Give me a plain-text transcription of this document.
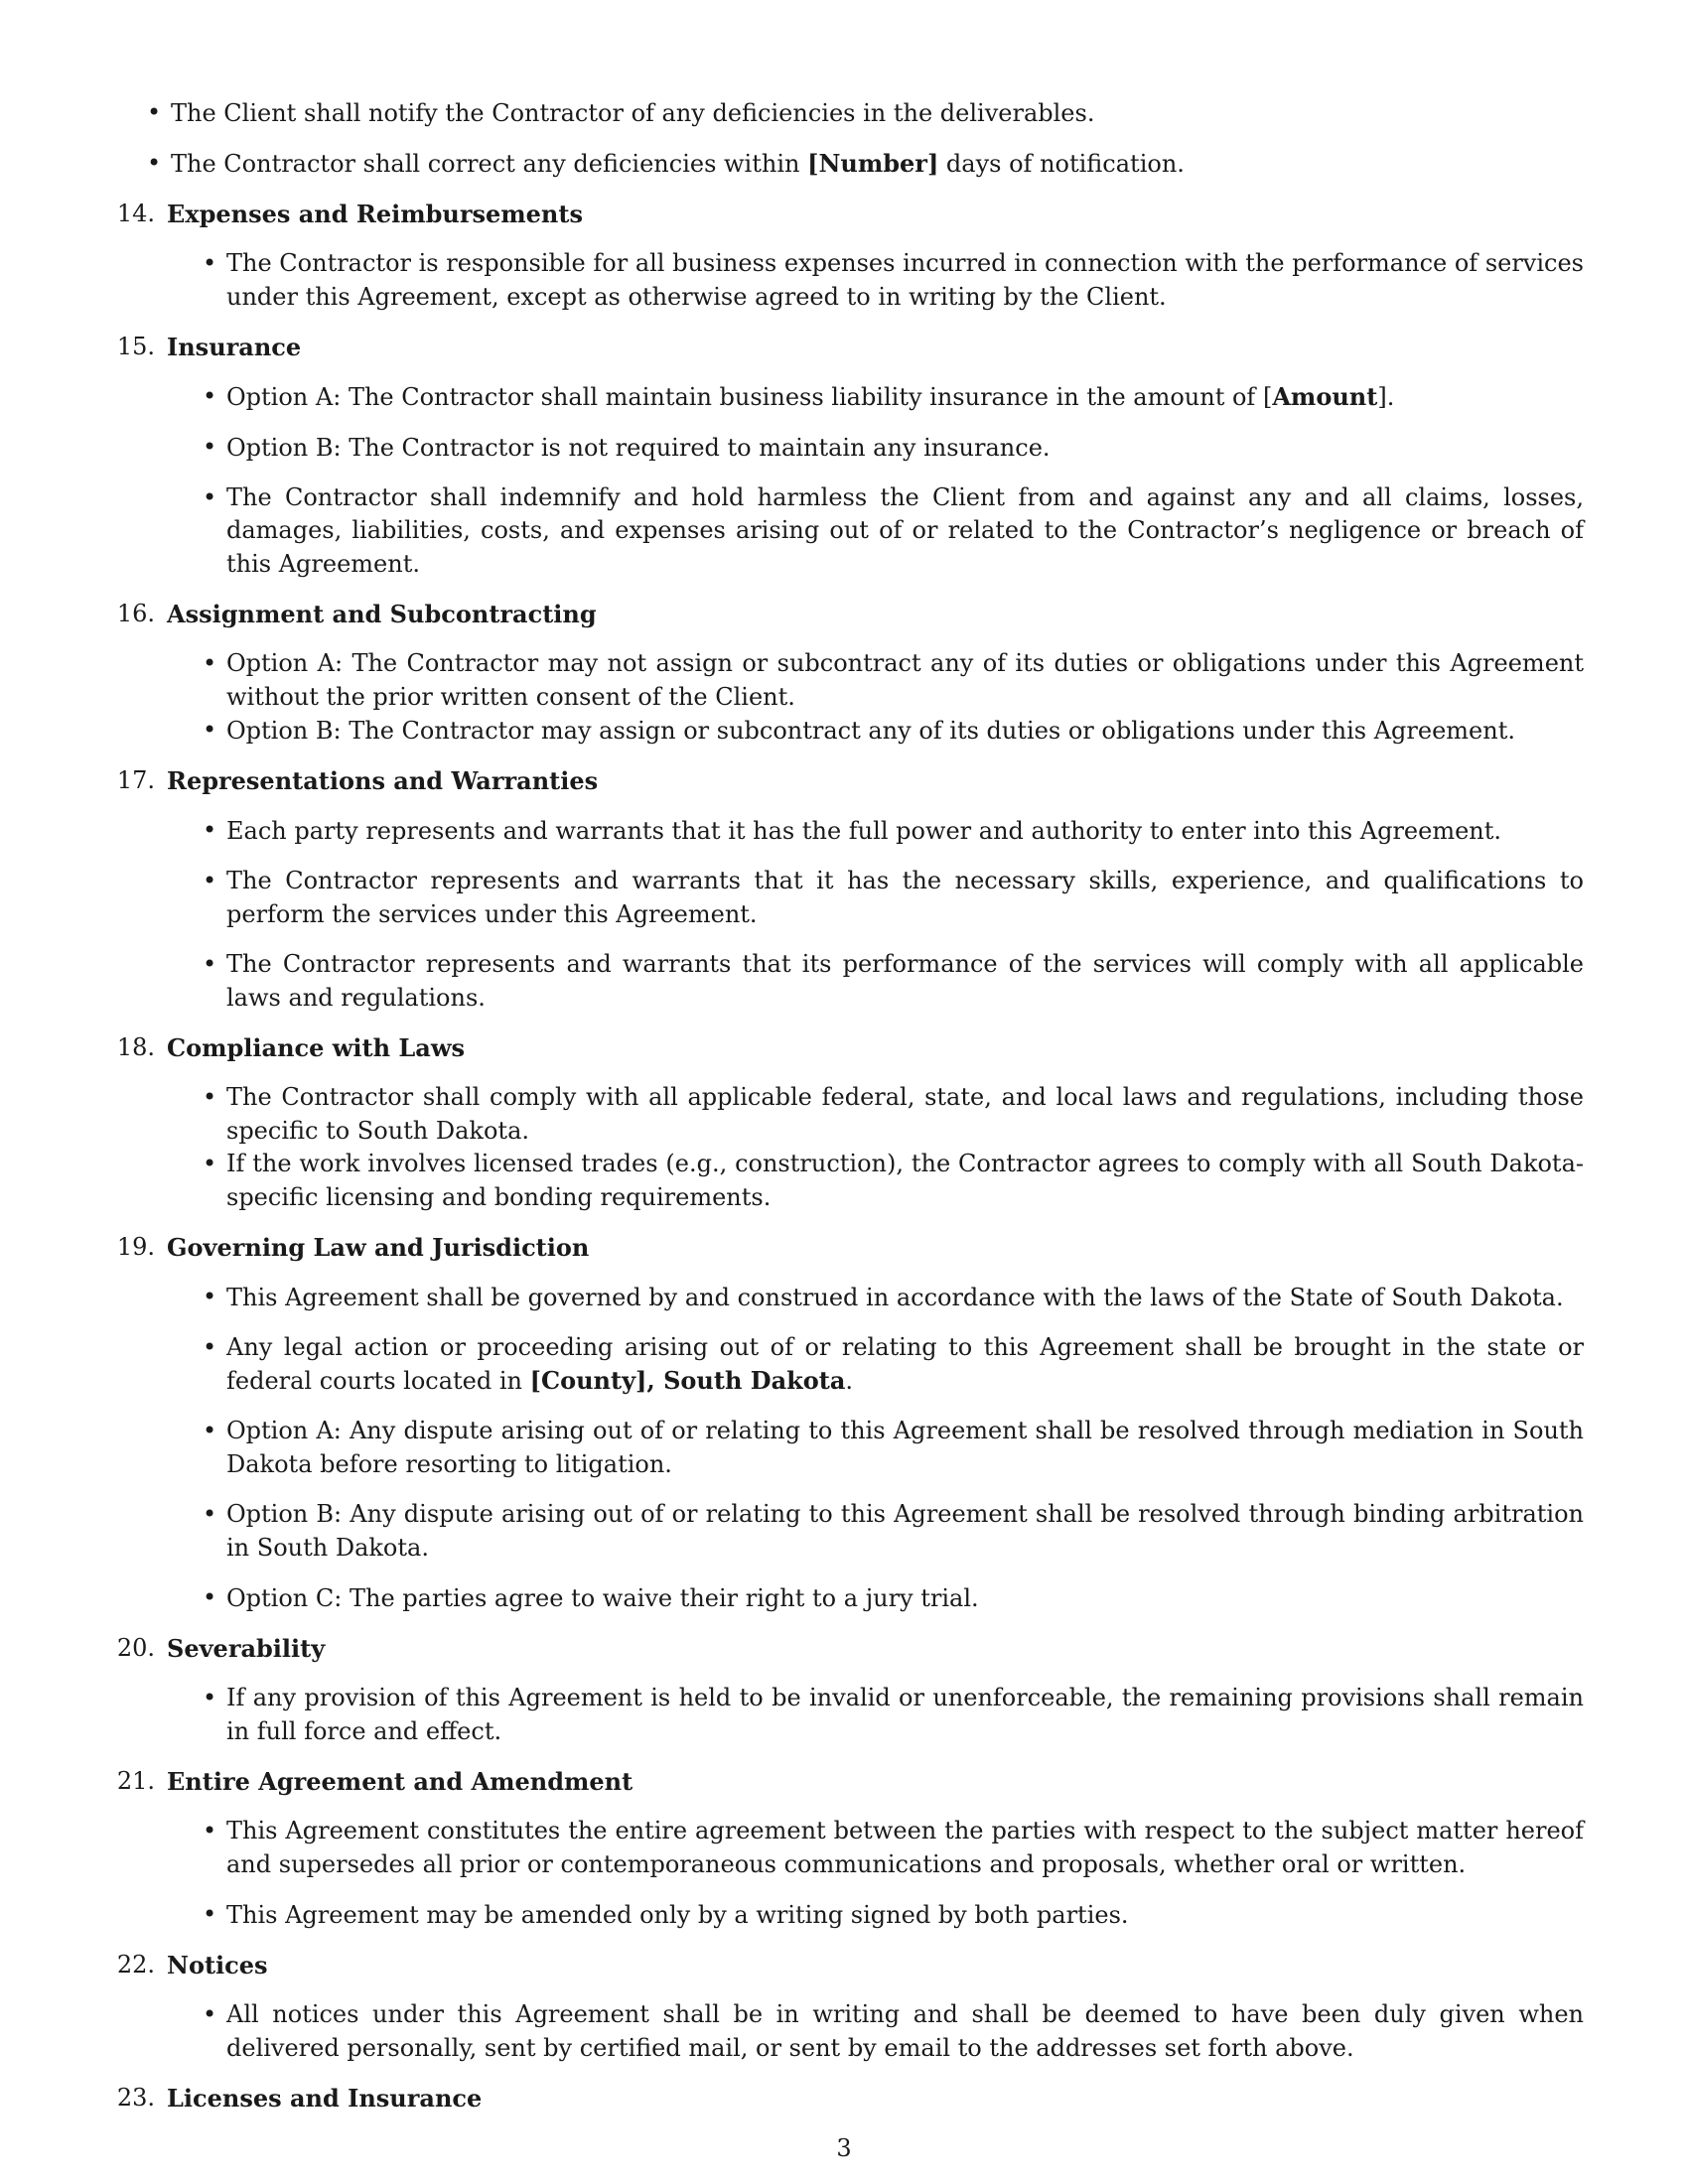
• The Client shall notify the Contractor of any deficiencies in the deliverables.
• The Contractor shall correct any deficiencies within [Number] days of notification.
14. Expenses and Reimbursements
• The Contractor is responsible for all business expenses incurred in connection with the performance of services under this Agreement, except as otherwise agreed to in writing by the Client.
15. Insurance
• Option A: The Contractor shall maintain business liability insurance in the amount of [Amount].
• Option B: The Contractor is not required to maintain any insurance.
• The Contractor shall indemnify and hold harmless the Client from and against any and all claims, losses, damages, liabilities, costs, and expenses arising out of or related to the Contractor’s negligence or breach of this Agreement.
16. Assignment and Subcontracting
• Option A: The Contractor may not assign or subcontract any of its duties or obligations under this Agreement without the prior written consent of the Client.
• Option B: The Contractor may assign or subcontract any of its duties or obligations under this Agreement.
17. Representations and Warranties
• Each party represents and warrants that it has the full power and authority to enter into this Agreement.
• The Contractor represents and warrants that it has the necessary skills, experience, and qualifications to perform the services under this Agreement.
• The Contractor represents and warrants that its performance of the services will comply with all applicable laws and regulations.
18. Compliance with Laws
• The Contractor shall comply with all applicable federal, state, and local laws and regulations, including those specific to South Dakota.
• If the work involves licensed trades (e.g., construction), the Contractor agrees to comply with all South Dakota-specific licensing and bonding requirements.
19. Governing Law and Jurisdiction
• This Agreement shall be governed by and construed in accordance with the laws of the State of South Dakota.
• Any legal action or proceeding arising out of or relating to this Agreement shall be brought in the state or federal courts located in [County], South Dakota.
• Option A: Any dispute arising out of or relating to this Agreement shall be resolved through mediation in South Dakota before resorting to litigation.
• Option B: Any dispute arising out of or relating to this Agreement shall be resolved through binding arbitration in South Dakota.
• Option C: The parties agree to waive their right to a jury trial.
20. Severability
• If any provision of this Agreement is held to be invalid or unenforceable, the remaining provisions shall remain in full force and effect.
21. Entire Agreement and Amendment
• This Agreement constitutes the entire agreement between the parties with respect to the subject matter hereof and supersedes all prior or contemporaneous communications and proposals, whether oral or written.
• This Agreement may be amended only by a writing signed by both parties.
22. Notices
• All notices under this Agreement shall be in writing and shall be deemed to have been duly given when delivered personally, sent by certified mail, or sent by email to the addresses set forth above.
23. Licenses and Insurance
3
